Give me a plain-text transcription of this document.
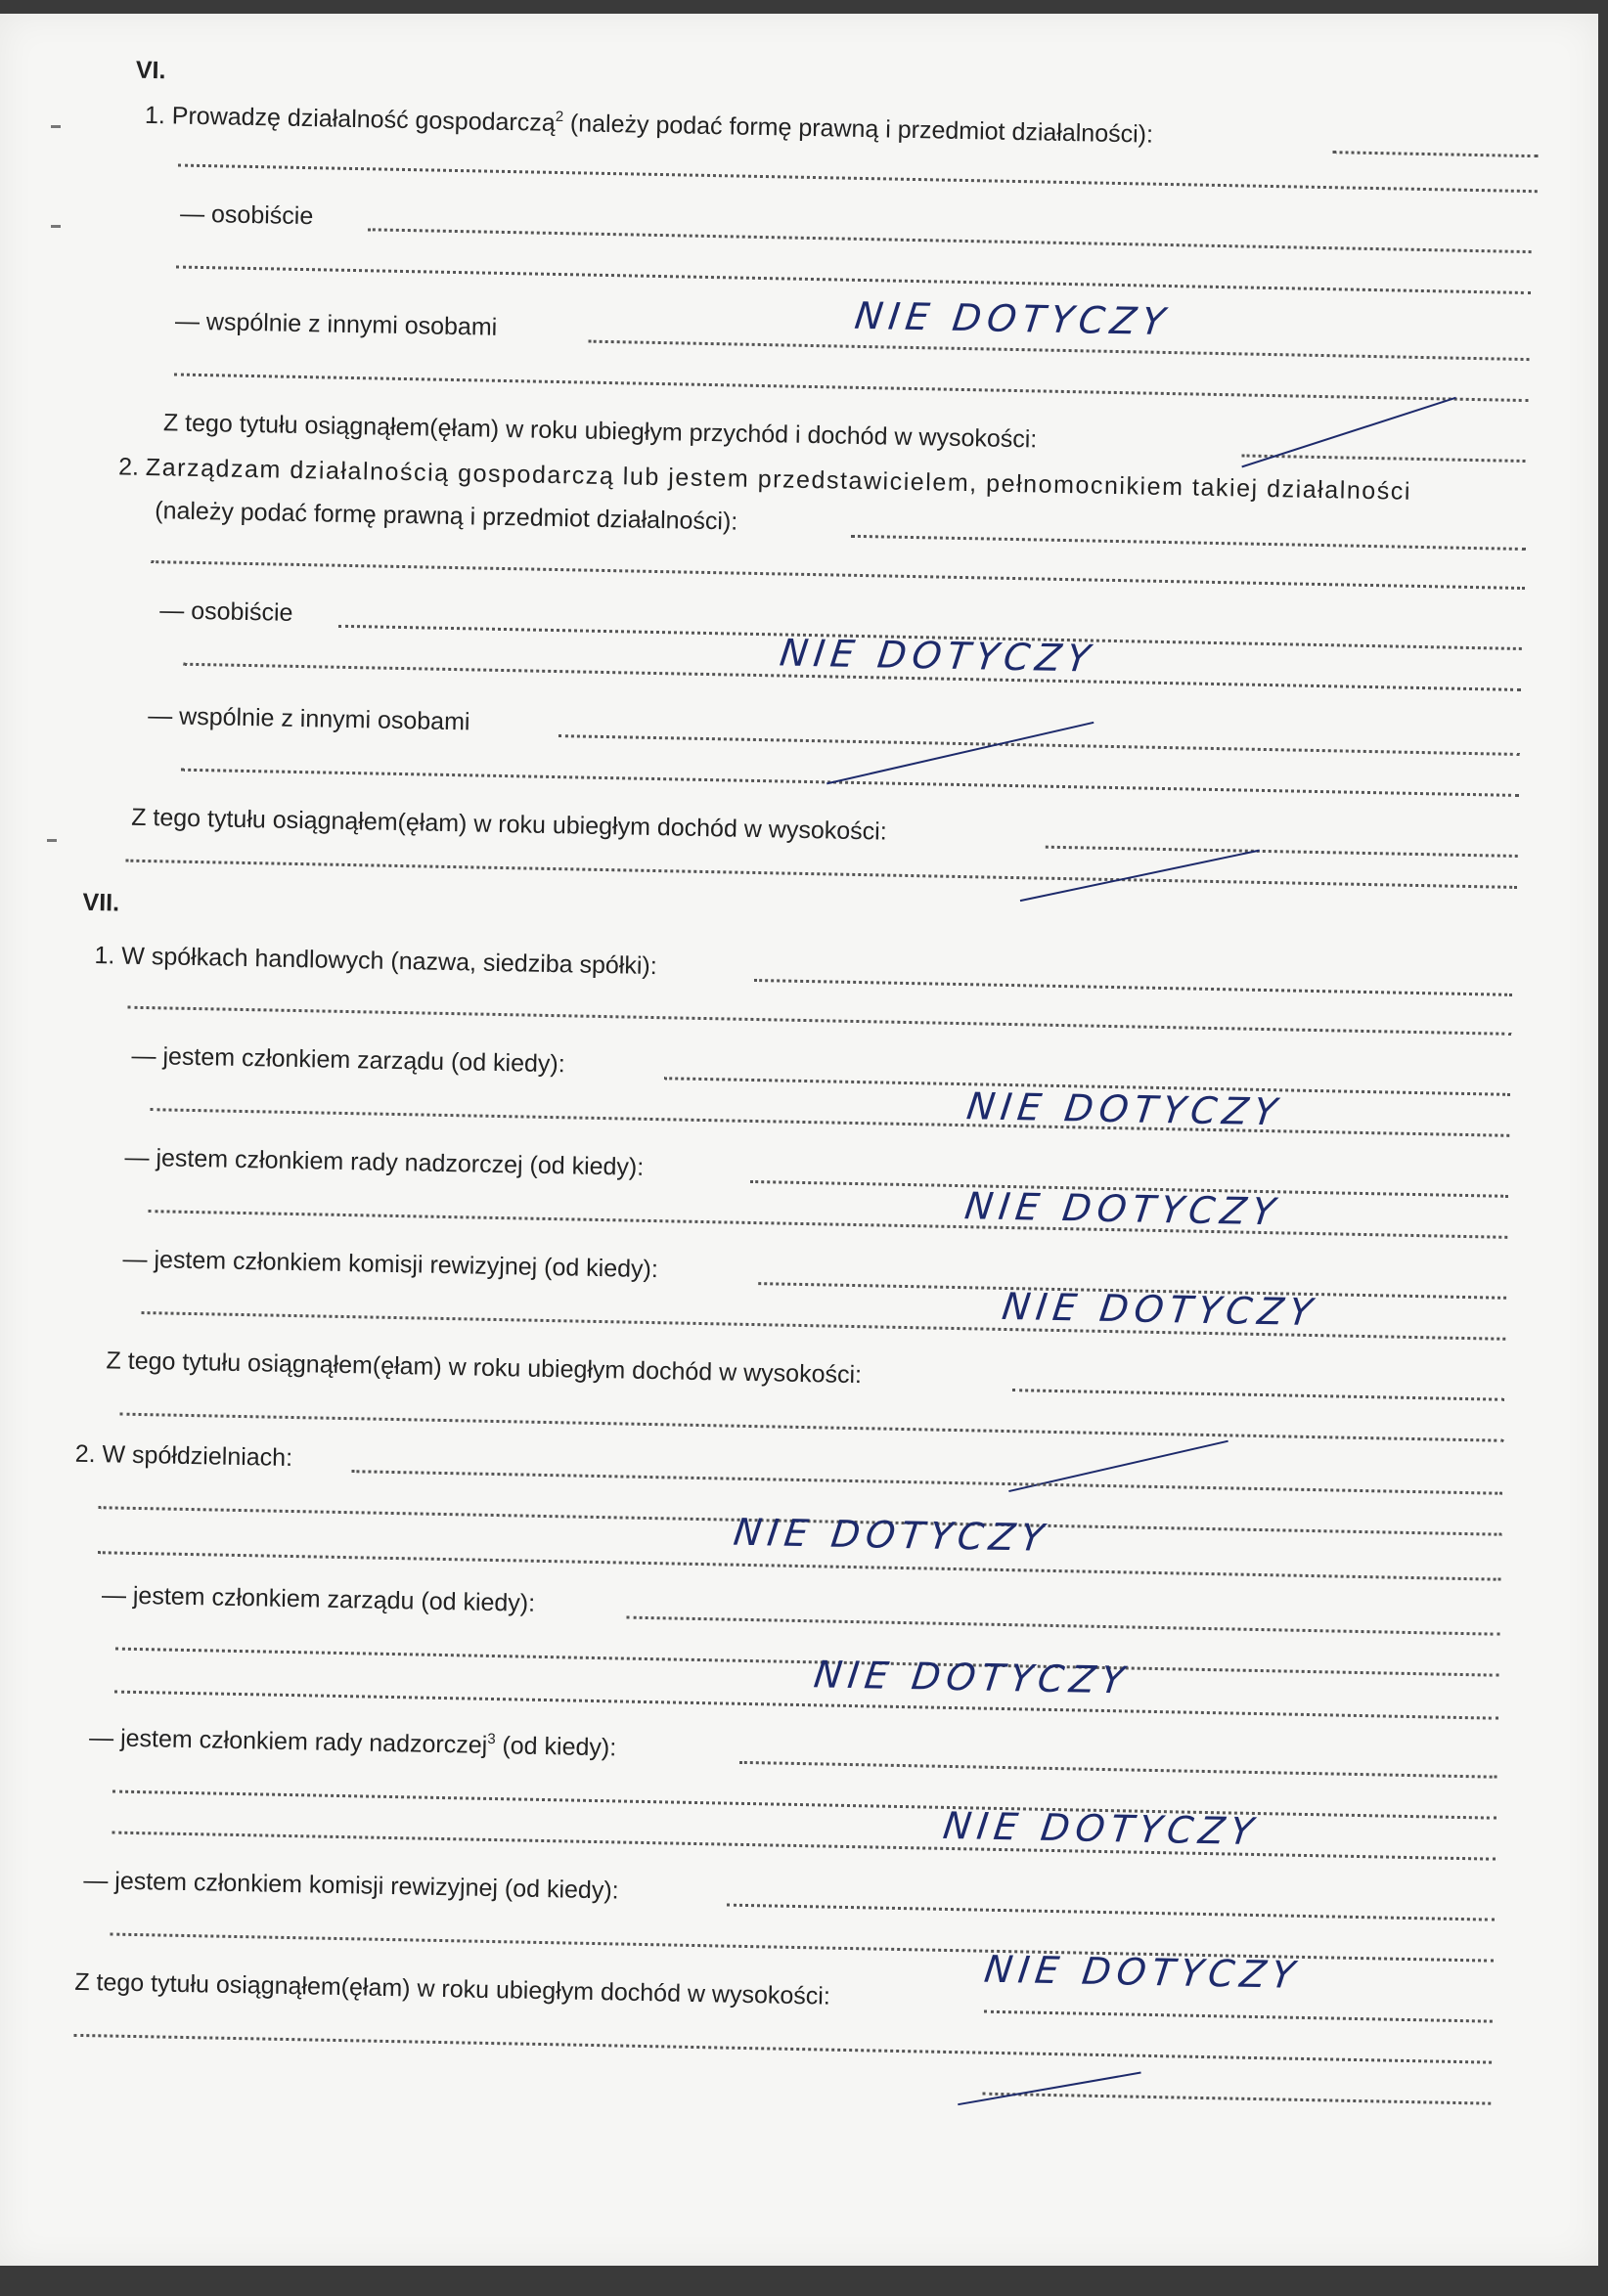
VI.
1. Prowadzę działalność gospodarczą$^2$ (należy podać formę prawną i przedmiot działalności):
— osobiście
NIE DOTYCZY
— wspólnie z innymi osobami
Z tego tytułu osiągnąłem(ęłam) w roku ubiegłym przychód i dochód w wysokości:
2. Zarządzam działalnością gospodarczą lub jestem przedstawicielem, pełnomocnikiem takiej działalności
(należy podać formę prawną i przedmiot działalności):
— osobiście
NIE DOTYCZY
— wspólnie z innymi osobami
Z tego tytułu osiągnąłem(ęłam) w roku ubiegłym dochód w wysokości:
VII.
1. W spółkach handlowych (nazwa, siedziba spółki):
— jestem członkiem zarządu (od kiedy):
NIE DOTYCZY
— jestem członkiem rady nadzorczej (od kiedy):
NIE DOTYCZY
— jestem członkiem komisji rewizyjnej (od kiedy):
NIE DOTYCZY
Z tego tytułu osiągnąłem(ęłam) w roku ubiegłym dochód w wysokości:
2. W spółdzielniach:
NIE DOTYCZY
— jestem członkiem zarządu (od kiedy):
NIE DOTYCZY
— jestem członkiem rady nadzorczej$^3$ (od kiedy):
NIE DOTYCZY
— jestem członkiem komisji rewizyjnej (od kiedy):
NIE DOTYCZY
Z tego tytułu osiągnąłem(ęłam) w roku ubiegłym dochód w wysokości:
